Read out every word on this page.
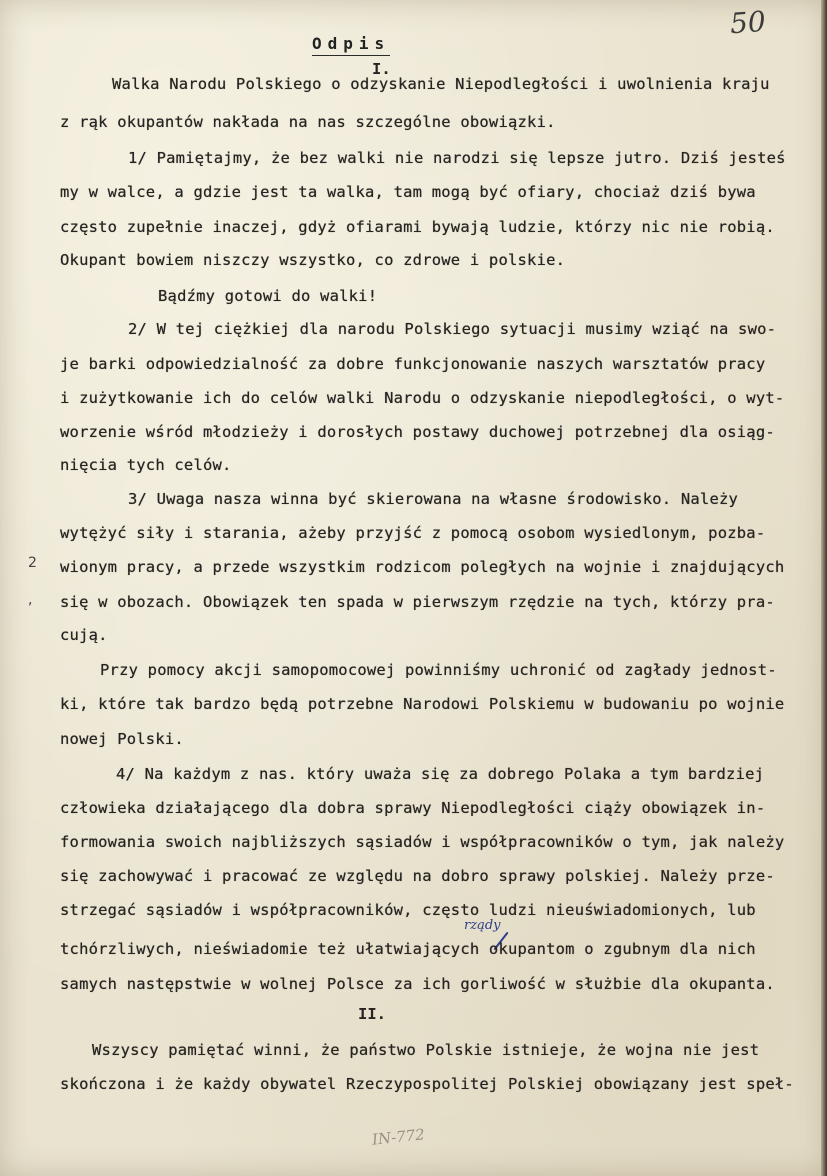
50
Odpis
I.
Walka Narodu Polskiego o odzyskanie Niepodległości i uwolnienia kraju
z rąk okupantów nakłada na nas szczególne obowiązki.
1/ Pamiętajmy, że bez walki nie narodzi się lepsze jutro. Dziś jesteś
my w walce, a gdzie jest ta walka, tam mogą być ofiary, chociaż dziś bywa
często zupełnie inaczej, gdyż ofiarami bywają ludzie, którzy nic nie robią.
Okupant bowiem niszczy wszystko, co zdrowe i polskie.
Bądźmy gotowi do walki!
2/ W tej ciężkiej dla narodu Polskiego sytuacji musimy wziąć na swo-
je barki odpowiedzialność za dobre funkcjonowanie naszych warsztatów pracy
i zużytkowanie ich do celów walki Narodu o odzyskanie niepodległości, o wyt-
worzenie wśród młodzieży i dorosłych postawy duchowej potrzebnej dla osiąg-
nięcia tych celów.
3/ Uwaga nasza winna być skierowana na własne środowisko. Należy
wytężyć siły i starania, ażeby przyjść z pomocą osobom wysiedlonym, pozba-
2 wionym pracy, a przede wszystkim rodzicom poległych na wojnie i znajdujących
, się w obozach. Obowiązek ten spada w pierwszym rzędzie na tych, którzy pra-
cują.
Przy pomocy akcji samopomocowej powinniśmy uchronić od zagłady jednost-
ki, które tak bardzo będą potrzebne Narodowi Polskiemu w budowaniu po wojnie
nowej Polski.
4/ Na każdym z nas. który uważa się za dobrego Polaka a tym bardziej
człowieka działającego dla dobra sprawy Niepodległości ciąży obowiązek in-
formowania swoich najbliższych sąsiadów i współpracowników o tym, jak należy
się zachowywać i pracować ze względu na dobro sprawy polskiej. Należy prze-
strzegać sąsiadów i współpracowników, często ludzi nieuświadomionych, lub
rządy
tchórzliwych, nieświadomie też ułatwiających okupantom o zgubnym dla nich
samych następstwie w wolnej Polsce za ich gorliwość w służbie dla okupanta.
II.
Wszyscy pamiętać winni, że państwo Polskie istnieje, że wojna nie jest
skończona i że każdy obywatel Rzeczypospolitej Polskiej obowiązany jest speł-
IN-772
